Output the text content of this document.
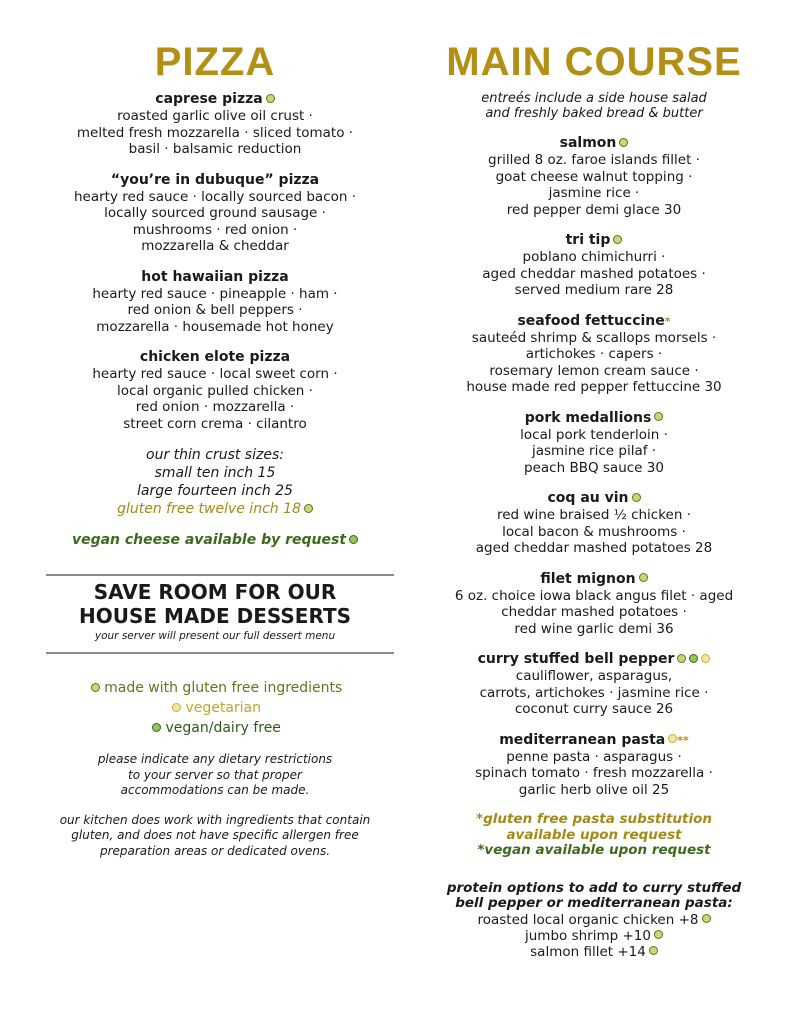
PIZZA
caprese pizza
roasted garlic olive oil crust ·
melted fresh mozzarella · sliced tomato ·
basil · balsamic reduction
“you’re in dubuque” pizza
hearty red sauce · locally sourced bacon ·
locally sourced ground sausage ·
mushrooms · red onion ·
mozzarella & cheddar
hot hawaiian pizza
hearty red sauce · pineapple · ham ·
red onion & bell peppers ·
mozzarella · housemade hot honey
chicken elote pizza
hearty red sauce · local sweet corn ·
local organic pulled chicken ·
red onion · mozzarella ·
street corn crema · cilantro
our thin crust sizes:
small ten inch 15
large fourteen inch 25
gluten free twelve inch 18
vegan cheese available by request
SAVE ROOM FOR OUR
HOUSE MADE DESSERTS
your server will present our full dessert menu
made with gluten free ingredients
vegetarian
vegan/dairy free
please indicate any dietary restrictions
to your server so that proper
accommodations can be made.
our kitchen does work with ingredients that contain
gluten, and does not have specific allergen free
preparation areas or dedicated ovens.
MAIN COURSE
entreés include a side house salad
and freshly baked bread & butter
salmon
grilled 8 oz. faroe islands fillet ·
goat cheese walnut topping ·
jasmine rice ·
red pepper demi glace 30
tri tip
poblano chimichurri ·
aged cheddar mashed potatoes ·
served medium rare 28
seafood fettuccine*
sauteéd shrimp & scallops morsels ·
artichokes · capers ·
rosemary lemon cream sauce ·
house made red pepper fettuccine 30
pork medallions
local pork tenderloin ·
jasmine rice pilaf ·
peach BBQ sauce 30
coq au vin
red wine braised ½ chicken ·
local bacon & mushrooms ·
aged cheddar mashed potatoes 28
filet mignon
6 oz. choice iowa black angus filet · aged
cheddar mashed potatoes ·
red wine garlic demi 36
curry stuffed bell pepper
cauliflower, asparagus,
carrots, artichokes · jasmine rice ·
coconut curry sauce 26
mediterranean pasta **
penne pasta · asparagus ·
spinach tomato · fresh mozzarella ·
garlic herb olive oil 25
*gluten free pasta substitution
available upon request
*vegan available upon request
protein options to add to curry stuffed
bell pepper or mediterranean pasta:
roasted local organic chicken +8
jumbo shrimp +10
salmon fillet +14
